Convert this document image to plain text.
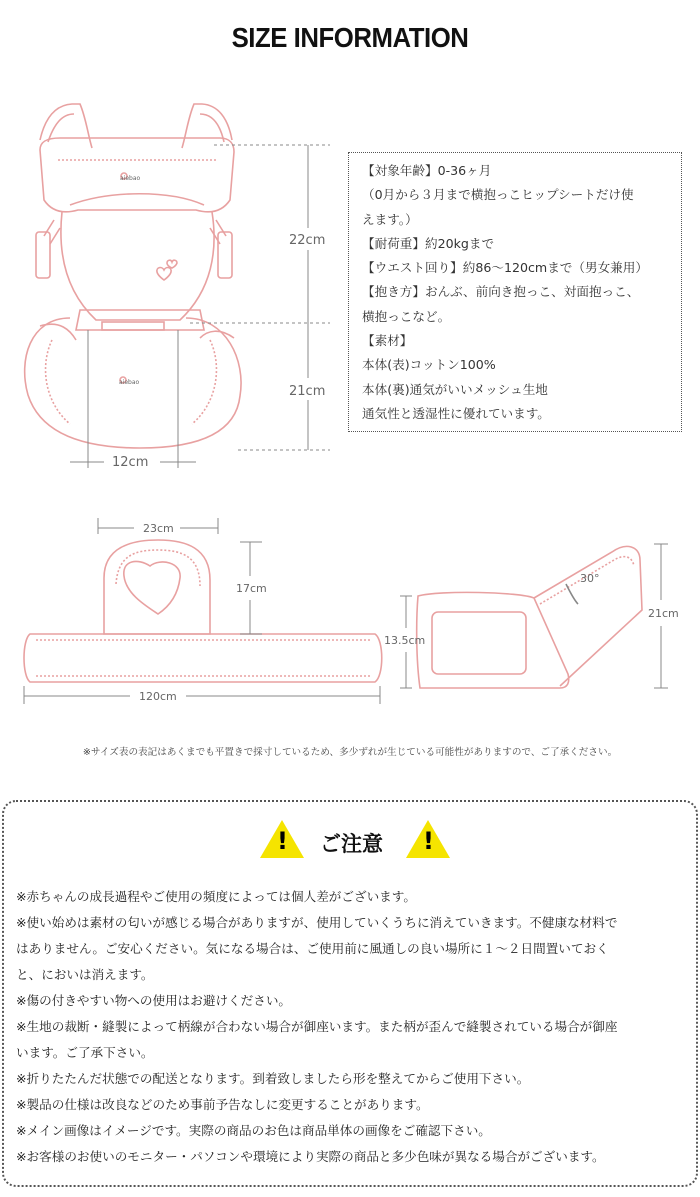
SIZE INFORMATION
aiebao
aiebao
22cm
21cm
12cm
23cm
17cm
120cm
13.5cm
30°
21cm
【対象年齢】0-36ヶ月
（0月から３月まで横抱っこヒップシートだけ使
えます。）
【耐荷重】約20kgまで
【ウエスト回り】約86～120cmまで（男女兼用）
【抱き方】おんぶ、前向き抱っこ、対面抱っこ、
横抱っこなど。
【素材】
本体(表)コットン100%
本体(裏)通気がいいメッシュ生地
通気性と透湿性に優れています。
※サイズ表の表記はあくまでも平置きで採寸しているため、多少ずれが生じている可能性がありますので、ご了承ください。
! ご注意 !
※赤ちゃんの成長過程やご使用の頻度によっては個人差がございます。
※使い始めは素材の匂いが感じる場合がありますが、使用していくうちに消えていきます。不健康な材料で
はありません。ご安心ください。気になる場合は、ご使用前に風通しの良い場所に１～２日間置いておく
と、においは消えます。
※傷の付きやすい物への使用はお避けください。
※生地の裁断・縫製によって柄線が合わない場合が御座います。また柄が歪んで縫製されている場合が御座
います。ご了承下さい。
※折りたたんだ状態での配送となります。到着致しましたら形を整えてからご使用下さい。
※製品の仕様は改良などのため事前予告なしに変更することがあります。
※メイン画像はイメージです。実際の商品のお色は商品単体の画像をご確認下さい。
※お客様のお使いのモニター・パソコンや環境により実際の商品と多少色味が異なる場合がございます。
